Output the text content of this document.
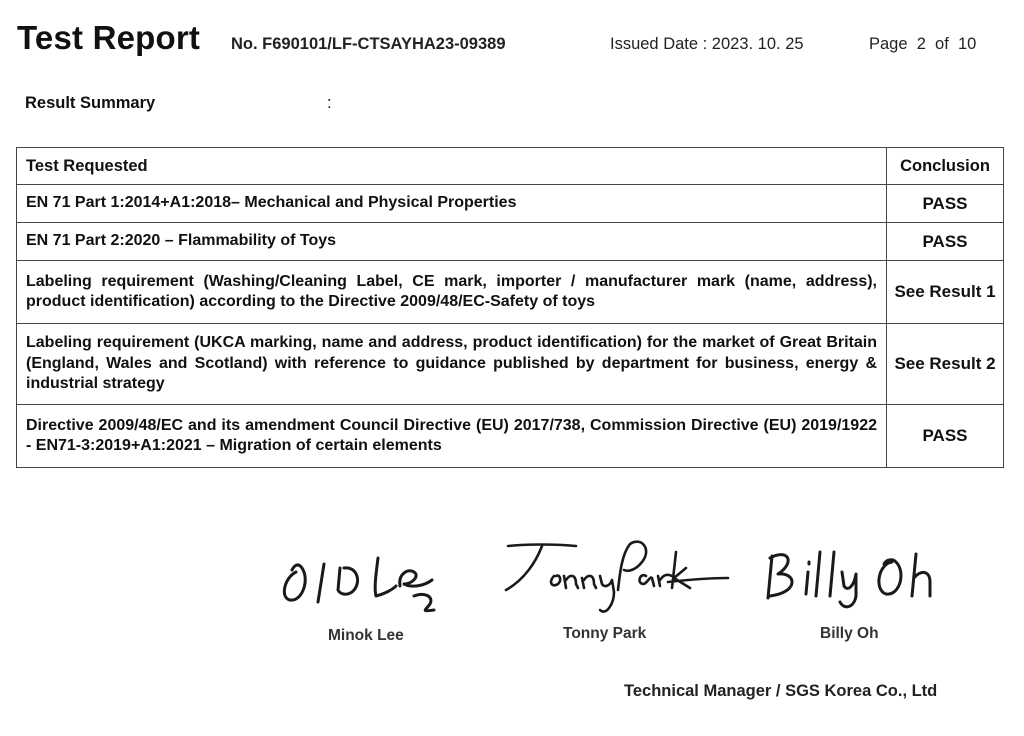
Test Report No. F690101/LF-CTSAYHA23-09389	Issued Date : 2023. 10. 25	Page  2  of  10
Result Summary	:
Test Requested	Conclusion
EN 71 Part 1:2014+A1:2018– Mechanical and Physical Properties	PASS
EN 71 Part 2:2020 – Flammability of Toys	PASS
Labeling requirement (Washing/Cleaning Label, CE mark, importer / manufacturer mark (name, address), product identification) according to the Directive 2009/48/EC-Safety of toys	See Result 1
Labeling requirement (UKCA marking, name and address, product identification) for the market of Great Britain (England, Wales and Scotland) with reference to guidance published by department for business, energy & industrial strategy	See Result 2
Directive 2009/48/EC and its amendment Council Directive (EU) 2017/738, Commission Directive (EU) 2019/1922 - EN71-3:2019+A1:2021 – Migration of certain elements	PASS
Minok Lee	Tonny Park	Billy Oh
Technical Manager / SGS Korea Co., Ltd
